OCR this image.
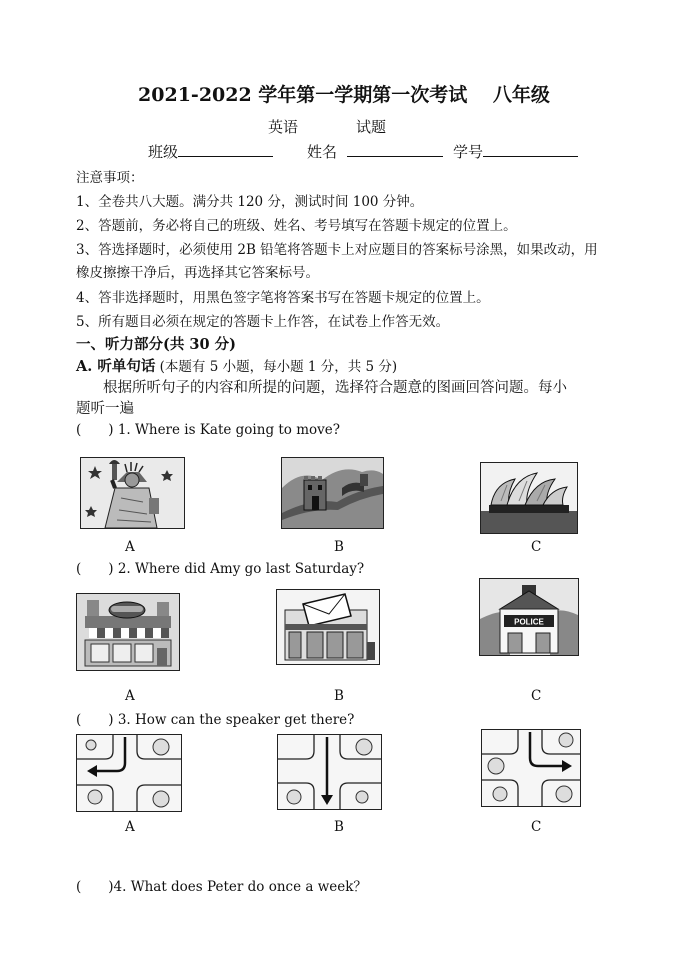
2021-2022 学年第一学期第一次考试　 八年级
英语	试题
班级	姓名	学号
注意事项：
1、全卷共八大题。满分共 120 分，测试时间 100 分钟。
2、答题前，务必将自己的班级、姓名、考号填写在答题卡规定的位置上。
3、答选择题时，必须使用 2B 铅笔将答题卡上对应题目的答案标号涂黑，如果改动，用
橡皮擦擦干净后，再选择其它答案标号。
4、答非选择题时，用黑色签字笔将答案书写在答题卡规定的位置上。
5、所有题目必须在规定的答题卡上作答，在试卷上作答无效。
一、听力部分(共 30 分)
A. 听单句话 (本题有 5 小题，每小题 1 分，共 5 分)
根据所听句子的内容和所提的问题，选择符合题意的图画回答问题。每小
题听一遍
(　　) 1. Where is Kate going to move?
A	B	C
(　　) 2. Where did Amy go last Saturday?
POLICE
A	B	C
(　　) 3. How can the speaker get there?
A	B	C
(　　)4. What does Peter do once a week？
